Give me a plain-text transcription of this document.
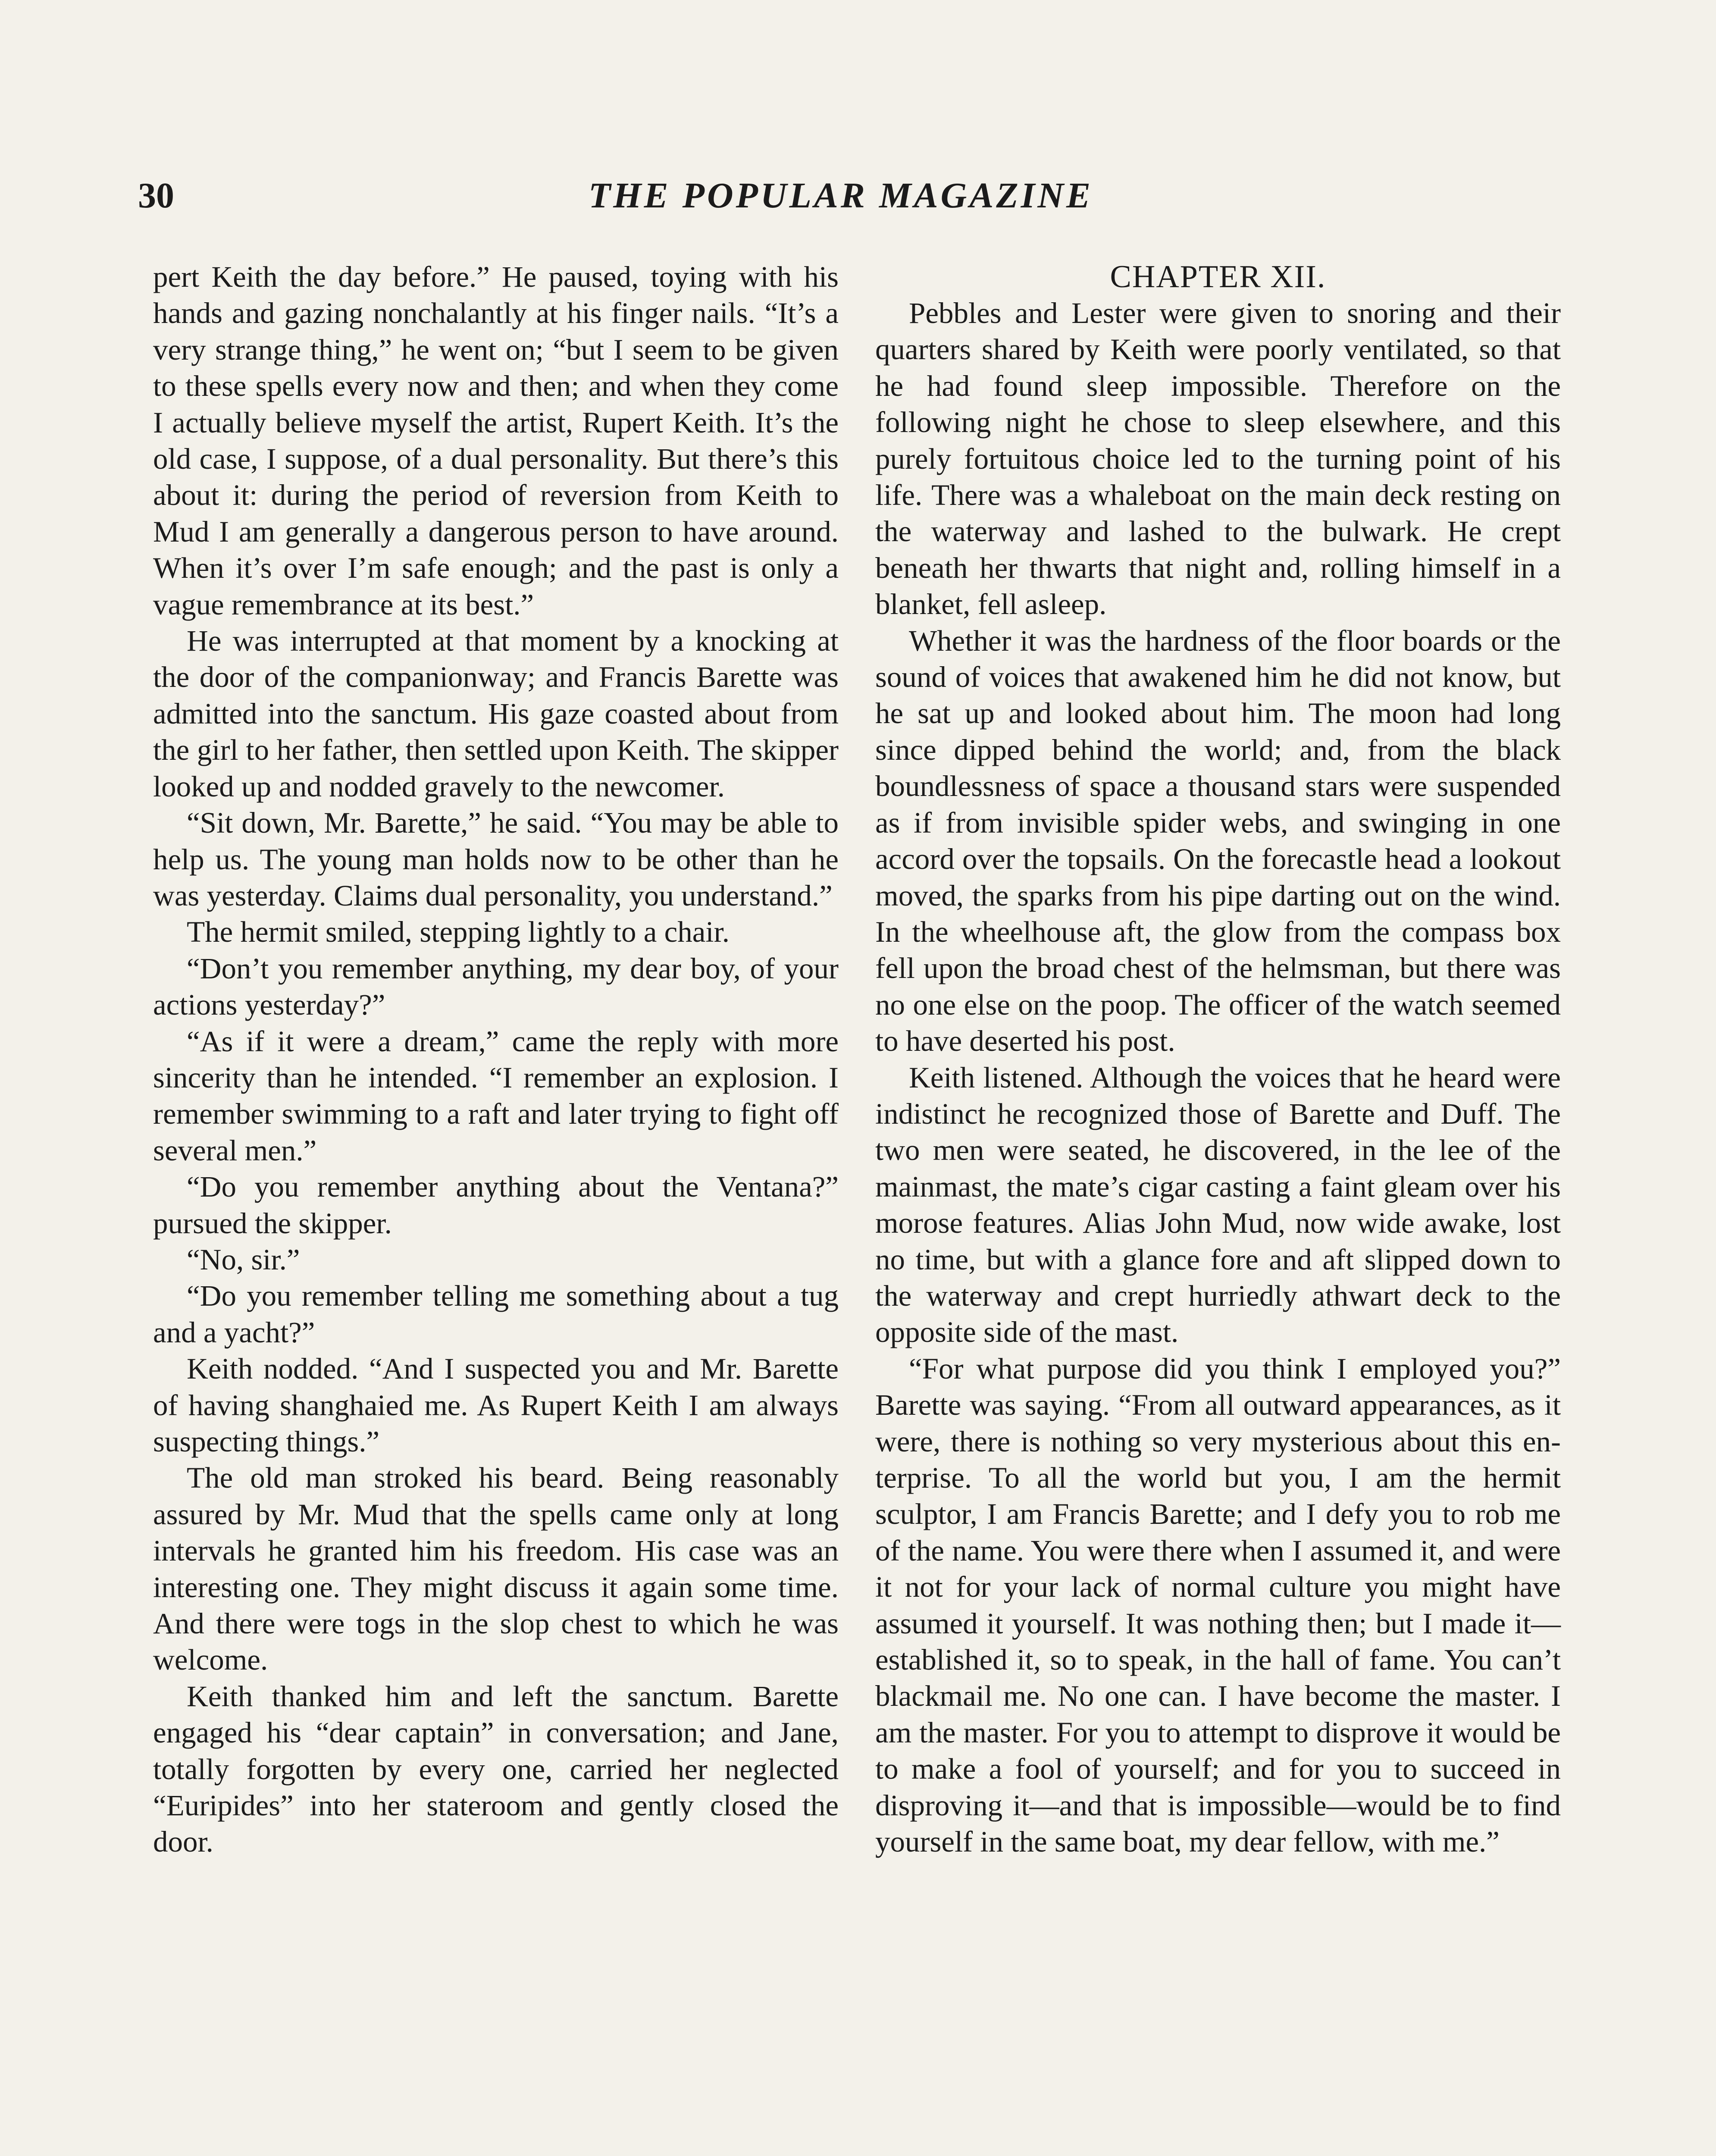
30	THE POPULAR MAGAZINE

pert Keith the day before.” He paused, toying with his hands and gazing nonchalantly at his finger nails. “It’s a very strange thing,” he went on; “but I seem to be given to these spells every now and then; and when they come I actually believe myself the artist, Rupert Keith. It’s the old case, I suppose, of a dual personality. But there’s this about it: during the period of reversion from Keith to Mud I am generally a dangerous person to have around. When it’s over I’m safe enough; and the past is only a vague remembrance at its best.”

He was interrupted at that moment by a knocking at the door of the companionway; and Francis Barette was admitted into the sanctum. His gaze coasted about from the girl to her father, then settled upon Keith. The skipper looked up and nodded gravely to the newcomer.

“Sit down, Mr. Barette,” he said. “You may be able to help us. The young man holds now to be other than he was yesterday. Claims dual personality, you understand.”

The hermit smiled, stepping lightly to a chair.

“Don’t you remember anything, my dear boy, of your actions yesterday?”

“As if it were a dream,” came the reply with more sincerity than he intended. “I remember an explosion. I remember swimming to a raft and later trying to fight off several men.”

“Do you remember anything about the Ventana?” pursued the skipper.

“No, sir.”

“Do you remember telling me something about a tug and a yacht?”

Keith nodded. “And I suspected you and Mr. Barette of having shanghaied me. As Rupert Keith I am always suspecting things.”

The old man stroked his beard. Being reasonably assured by Mr. Mud that the spells came only at long intervals he granted him his freedom. His case was an interesting one. They might discuss it again some time. And there were togs in the slop chest to which he was welcome.

Keith thanked him and left the sanctum. Barette engaged his “dear captain” in conversation; and Jane, totally forgotten by every one, carried her neglected “Euripides” into her stateroom and gently closed the door.

CHAPTER XII.

Pebbles and Lester were given to snoring and their quarters shared by Keith were poorly ventilated, so that he had found sleep impossible. Therefore on the following night he chose to sleep elsewhere, and this purely fortuitous choice led to the turning point of his life. There was a whaleboat on the main deck resting on the waterway and lashed to the bulwark. He crept beneath her thwarts that night and, rolling himself in a blanket, fell asleep.

Whether it was the hardness of the floor boards or the sound of voices that awakened him he did not know, but he sat up and looked about him. The moon had long since dipped behind the world; and, from the black boundlessness of space a thousand stars were suspended as if from invisible spider webs, and swinging in one accord over the topsails. On the forecastle head a lookout moved, the sparks from his pipe darting out on the wind. In the wheelhouse aft, the glow from the compass box fell upon the broad chest of the helmsman, but there was no one else on the poop. The officer of the watch seemed to have deserted his post.

Keith listened. Although the voices that he heard were indistinct he recognized those of Barette and Duff. The two men were seated, he discovered, in the lee of the mainmast, the mate’s cigar casting a faint gleam over his morose features. Alias John Mud, now wide awake, lost no time, but with a glance fore and aft slipped down to the waterway and crept hurriedly athwart deck to the opposite side of the mast.

“For what purpose did you think I employed you?” Barette was saying. “From all outward appearances, as it were, there is nothing so very mysterious about this enterprise. To all the world but you, I am the hermit sculptor, I am Francis Barette; and I defy you to rob me of the name. You were there when I assumed it, and were it not for your lack of normal culture you might have assumed it yourself. It was nothing then; but I made it—established it, so to speak, in the hall of fame. You can’t blackmail me. No one can. I have become the master. I am the master. For you to attempt to disprove it would be to make a fool of yourself; and for you to succeed in disproving it—and that is impossible—would be to find yourself in the same boat, my dear fellow, with me.”
